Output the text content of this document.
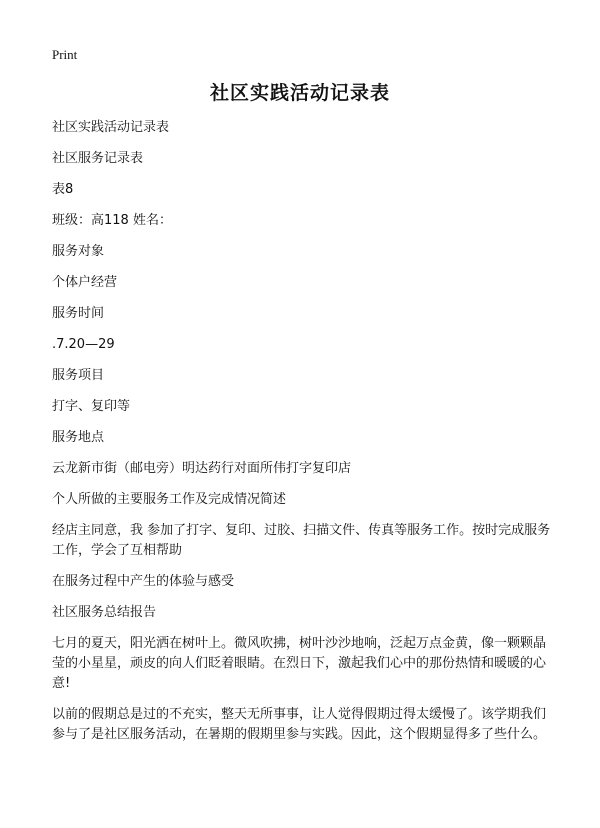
Print
社区实践活动记录表
社区实践活动记录表
社区服务记录表
表8
班级：高118 姓名：
服务对象
个体户经营
服务时间
.7.20—29
服务项目
打字、复印等
服务地点
云龙新市街（邮电旁）明达药行对面所伟打字复印店
个人所做的主要服务工作及完成情况简述
经店主同意，我 参加了打字、复印、过胶、扫描文件、传真等服务工作。按时完成服务工作，学会了互相帮助
在服务过程中产生的体验与感受
社区服务总结报告
七月的夏天，阳光洒在树叶上。微风吹拂，树叶沙沙地响，泛起万点金黄，像一颗颗晶莹的小星星，顽皮的向人们眨着眼睛。在烈日下，激起我们心中的那份热情和暖暖的心意!
以前的假期总是过的不充实，整天无所事事，让人觉得假期过得太缓慢了。该学期我们参与了是社区服务活动，在暑期的假期里参与实践。因此，这个假期显得多了些什么。
